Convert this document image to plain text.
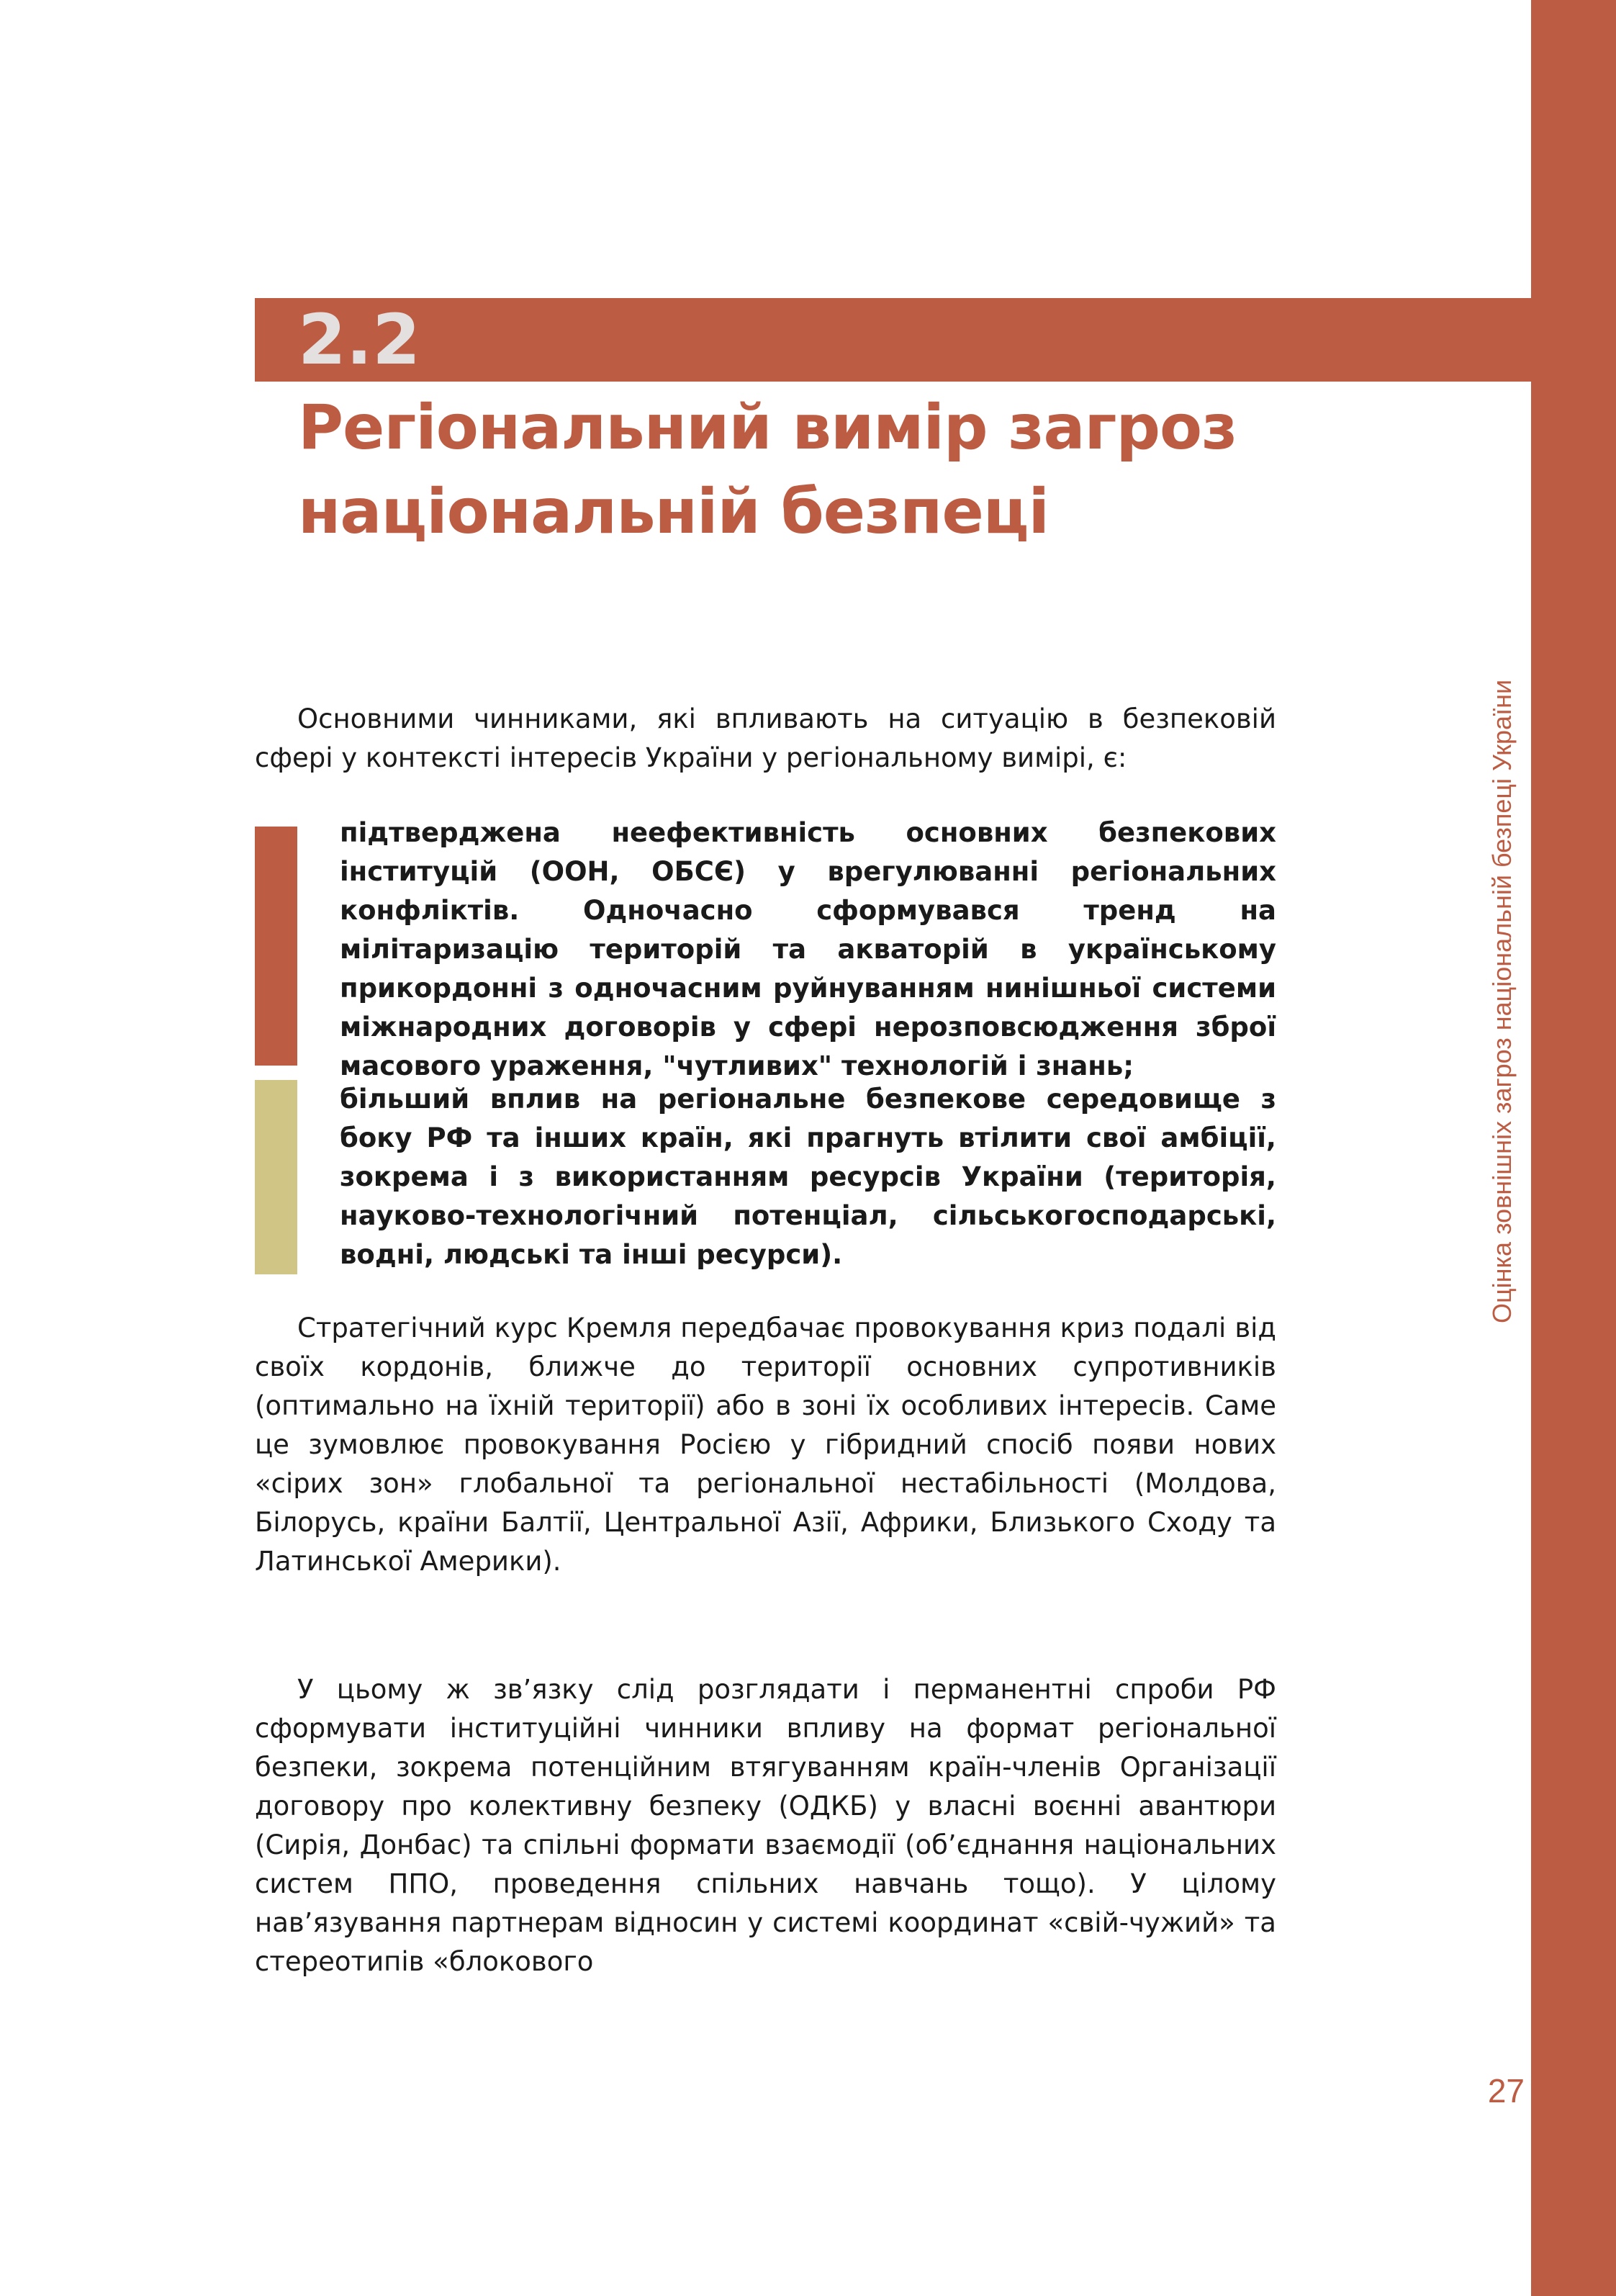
Оцінка зовнішніх загроз національній безпеці України
27
2.2
Регіональний вимір загроз національній безпеці

Основними чинниками, які впливають на ситуацію в безпековій сфері у контексті інтересів України у регіональному вимірі, є:

підтверджена неефективність основних безпекових інституцій (ООН, ОБСЄ) у врегулюванні регіональних конфліктів. Одночасно сформувався тренд на мілітаризацію територій та акваторій в українському прикордонні з одночасним руйнуванням нинішньої системи міжнародних договорів у сфері нерозповсюдження зброї масового ураження, "чутливих" технологій і знань;
більший вплив на регіональне безпекове середовище з боку РФ та інших країн, які прагнуть втілити свої амбіції, зокрема і з використанням ресурсів України (територія, науково-технологічний потенціал, сільськогосподарські, водні, людські та інші ресурси).

Стратегічний курс Кремля передбачає провокування криз подалі від своїх кордонів, ближче до території основних супротивників (оптимально на їхній території) або в зоні їх особливих інтересів. Саме це зумовлює провокування Росією у гібридний спосіб появи нових «сірих зон» глобальної та регіональної нестабільності (Молдова, Білорусь, країни Балтії, Центральної Азії, Африки, Близького Сходу та Латинської Америки).

У цьому ж зв’язку слід розглядати і перманентні спроби РФ сформувати інституційні чинники впливу на формат регіональної безпеки, зокрема потенційним втягуванням країн-членів Організації договору про колективну безпеку (ОДКБ) у власні воєнні авантюри (Сирія, Донбас) та спільні формати взаємодії (об’єднання національних систем ППО, проведення спільних навчань тощо). У цілому нав’язування партнерам відносин у системі координат «свій-чужий» та стереотипів «блокового
